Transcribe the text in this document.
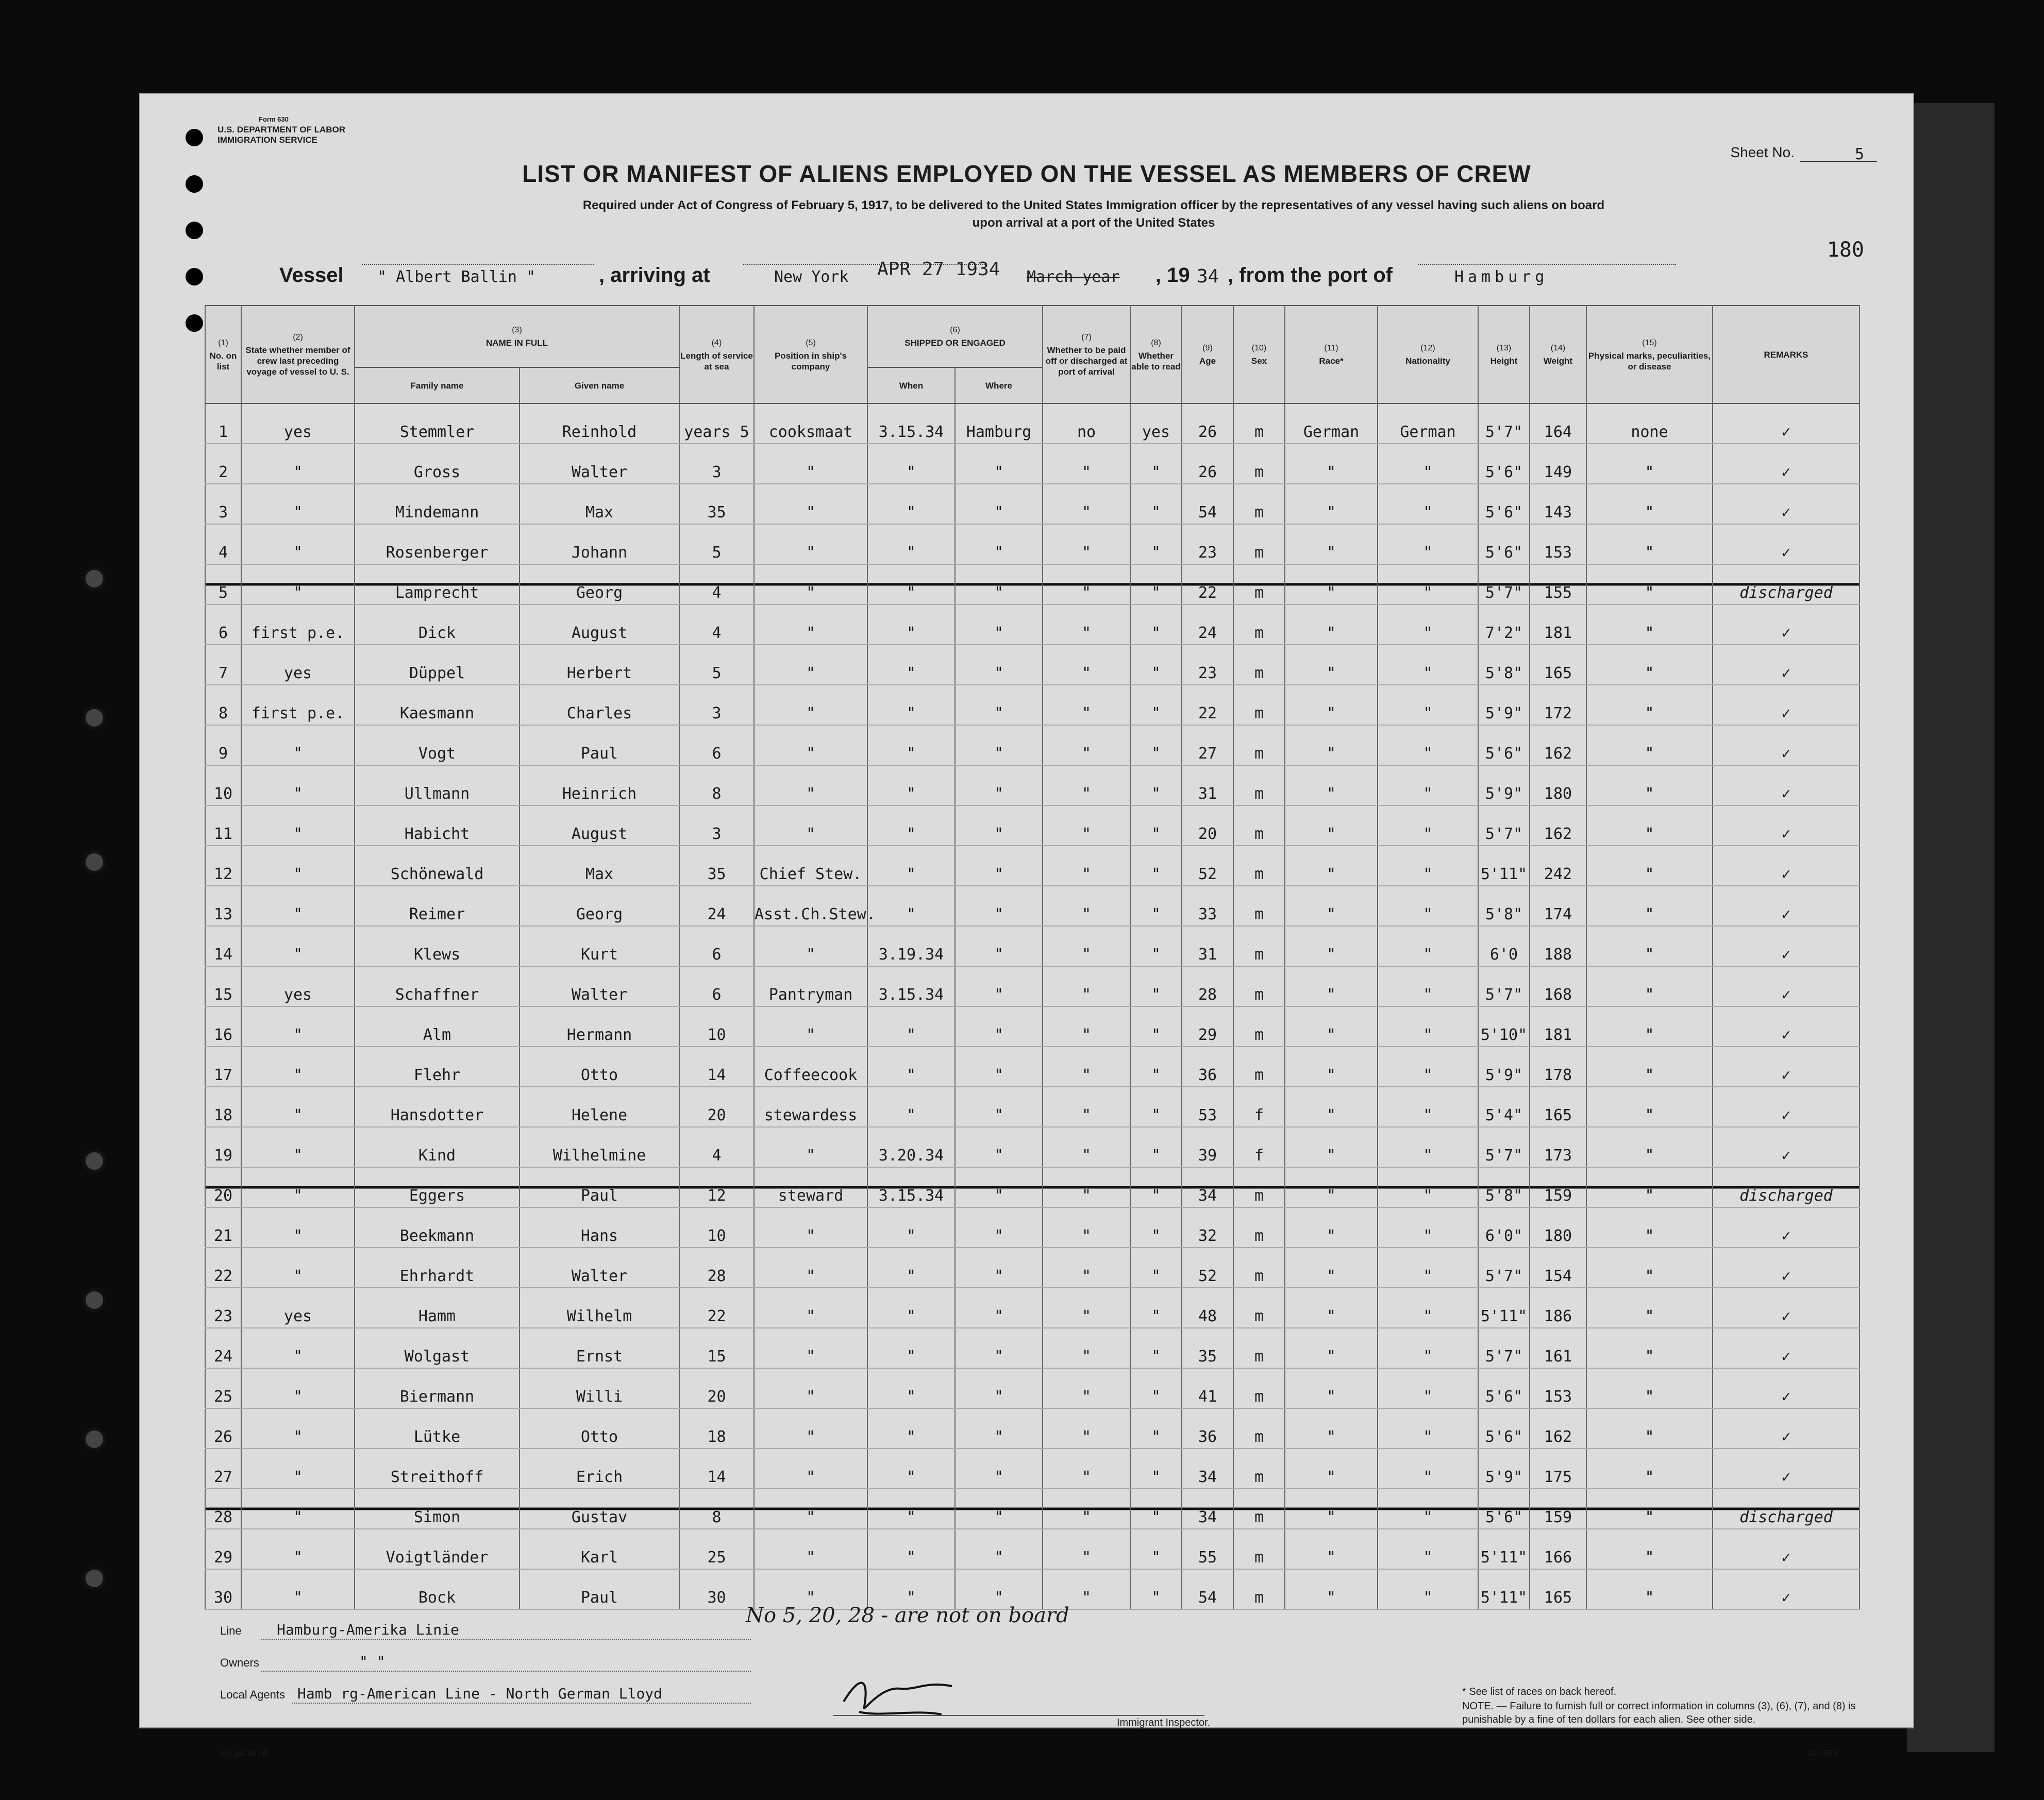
Form 630
U.S. DEPARTMENT OF LABOR
IMMIGRATION SERVICE
Sheet No.	5
180
LIST OR MANIFEST OF ALIENS EMPLOYED ON THE VESSEL AS MEMBERS OF CREW
Required under Act of Congress of February 5, 1917, to be delivered to the United States Immigration officer by the representatives of any vessel having such aliens on board
upon arrival at a port of the United States
Vessel " Albert Ballin "	, arriving at	New York APR 27 1934 March year , 19 34 , from the port of	Hamburg
(1)
No. on list	(2)
State whether member of crew last preceding voyage of vessel to U. S.	(3)
NAME IN FULL		(4)
Length of service at sea	(5)
Position in ship's company	(6)
SHIPPED OR ENGAGED		(7)
Whether to be paid off or discharged at port of arrival	(8)
Whether able to read	(9)
Age	(10)
Sex	(11)
Race*	(12)
Nationality	(13)
Height	(14)
Weight	(15)
Physical marks, peculiarities, or disease	REMARKS
		Family name	Given name			When	Where										
1	yes	Stemmler	Reinhold	years 5	cooksmaat	3.15.34	Hamburg	no	yes	26	m	German	German	5'7"	164	none	✓
2	"	Gross	Walter	3	"	"	"	"	"	26	m	"	"	5'6"	149	"	✓
3	"	Mindemann	Max	35	"	"	"	"	"	54	m	"	"	5'6"	143	"	✓
4	"	Rosenberger	Johann	5	"	"	"	"	"	23	m	"	"	5'6"	153	"	✓
5	"	Lamprecht	Georg	4	"	"	"	"	"	22	m	"	"	5'7"	155	"	discharged
6	first p.e.	Dick	August	4	"	"	"	"	"	24	m	"	"	7'2"	181	"	✓
7	yes	Düppel	Herbert	5	"	"	"	"	"	23	m	"	"	5'8"	165	"	✓
8	first p.e.	Kaesmann	Charles	3	"	"	"	"	"	22	m	"	"	5'9"	172	"	✓
9	"	Vogt	Paul	6	"	"	"	"	"	27	m	"	"	5'6"	162	"	✓
10	"	Ullmann	Heinrich	8	"	"	"	"	"	31	m	"	"	5'9"	180	"	✓
11	"	Habicht	August	3	"	"	"	"	"	20	m	"	"	5'7"	162	"	✓
12	"	Schönewald	Max	35	Chief Stew.	"	"	"	"	52	m	"	"	5'11"	242	"	✓
13	"	Reimer	Georg	24	Asst.Ch.Stew.	"	"	"	"	33	m	"	"	5'8"	174	"	✓
14	"	Klews	Kurt	6	"	3.19.34	"	"	"	31	m	"	"	6'0	188	"	✓
15	yes	Schaffner	Walter	6	Pantryman	3.15.34	"	"	"	28	m	"	"	5'7"	168	"	✓
16	"	Alm	Hermann	10	"	"	"	"	"	29	m	"	"	5'10"	181	"	✓
17	"	Flehr	Otto	14	Coffeecook	"	"	"	"	36	m	"	"	5'9"	178	"	✓
18	"	Hansdotter	Helene	20	stewardess	"	"	"	"	53	f	"	"	5'4"	165	"	✓
19	"	Kind	Wilhelmine	4	"	3.20.34	"	"	"	39	f	"	"	5'7"	173	"	✓
20	"	Eggers	Paul	12	steward	3.15.34	"	"	"	34	m	"	"	5'8"	159	"	discharged
21	"	Beekmann	Hans	10	"	"	"	"	"	32	m	"	"	6'0"	180	"	✓
22	"	Ehrhardt	Walter	28	"	"	"	"	"	52	m	"	"	5'7"	154	"	✓
23	yes	Hamm	Wilhelm	22	"	"	"	"	"	48	m	"	"	5'11"	186	"	✓
24	"	Wolgast	Ernst	15	"	"	"	"	"	35	m	"	"	5'7"	161	"	✓
25	"	Biermann	Willi	20	"	"	"	"	"	41	m	"	"	5'6"	153	"	✓
26	"	Lütke	Otto	18	"	"	"	"	"	36	m	"	"	5'6"	162	"	✓
27	"	Streithoff	Erich	14	"	"	"	"	"	34	m	"	"	5'9"	175	"	✓
28	"	Simon	Gustav	8	"	"	"	"	"	34	m	"	"	5'6"	159	"	discharged
29	"	Voigtländer	Karl	25	"	"	"	"	"	55	m	"	"	5'11"	166	"	✓
30	"	Bock	Paul	30	"	"	"	"	"	54	m	"	"	5'11"	165	"	✓
Line Hamburg-Amerika Linie
No 5, 20, 28 - are not on board
Owners	" "
Local Agents Hamb rg-American Line - North German Lloyd
Immigrant Inspector.
* See list of races on back hereof.
NOTE. — Failure to furnish full or correct information in columns (3), (6), (7), and (8) is punishable by a fine of ten dollars for each alien. See other side.
HS gal 30 nd	Sch 571
